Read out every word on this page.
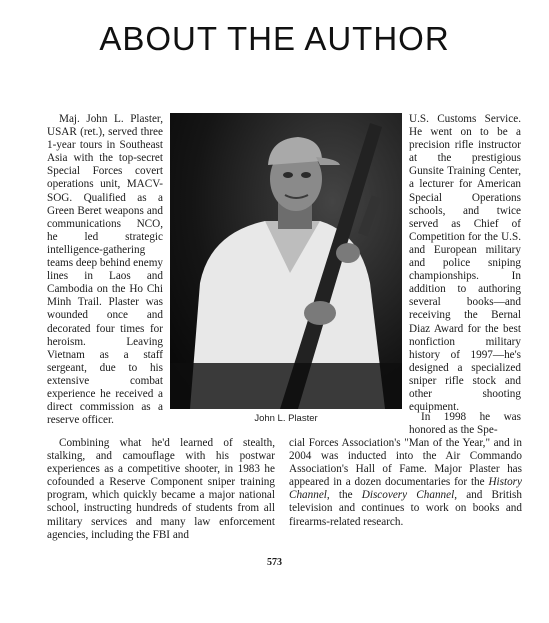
ABOUT THE AUTHOR

Maj. John L. Plaster, USAR (ret.), served three 1-year tours in Southeast Asia with the top-secret Special Forces covert operations unit, MACV-SOG. Qualified as a Green Beret weapons and communications NCO, he led strategic intelligence-gathering teams deep behind enemy lines in Laos and Cambodia on the Ho Chi Minh Trail. Plaster was wounded once and decorated four times for heroism. Leaving Vietnam as a staff sergeant, due to his extensive combat experience he received a direct commission as a reserve officer.	John L. Plaster

U.S. Customs Service. He went on to be a precision rifle instructor at the prestigious Gunsite Training Center, a lecturer for American Special Operations schools, and twice served as Chief of Competition for the U.S. and European military and police sniping championships. In addition to authoring several books—and receiving the Bernal Diaz Award for the best nonfiction military history of 1997—he's designed a specialized sniper rifle stock and other shooting equipment.

In 1998 he was honored as the Spe-

Combining what he'd learned of stealth, stalking, and camouflage with his postwar experiences as a competitive shooter, in 1983 he cofounded a Reserve Component sniper training program, which quickly became a major national school, instructing hundreds of students from all military services and many law enforcement agencies, including the FBI and

cial Forces Association's "Man of the Year," and in 2004 was inducted into the Air Commando Association's Hall of Fame. Major Plaster has appeared in a dozen documentaries for the History Channel, the Discovery Channel, and British television and continues to work on books and firearms-related research.

573
